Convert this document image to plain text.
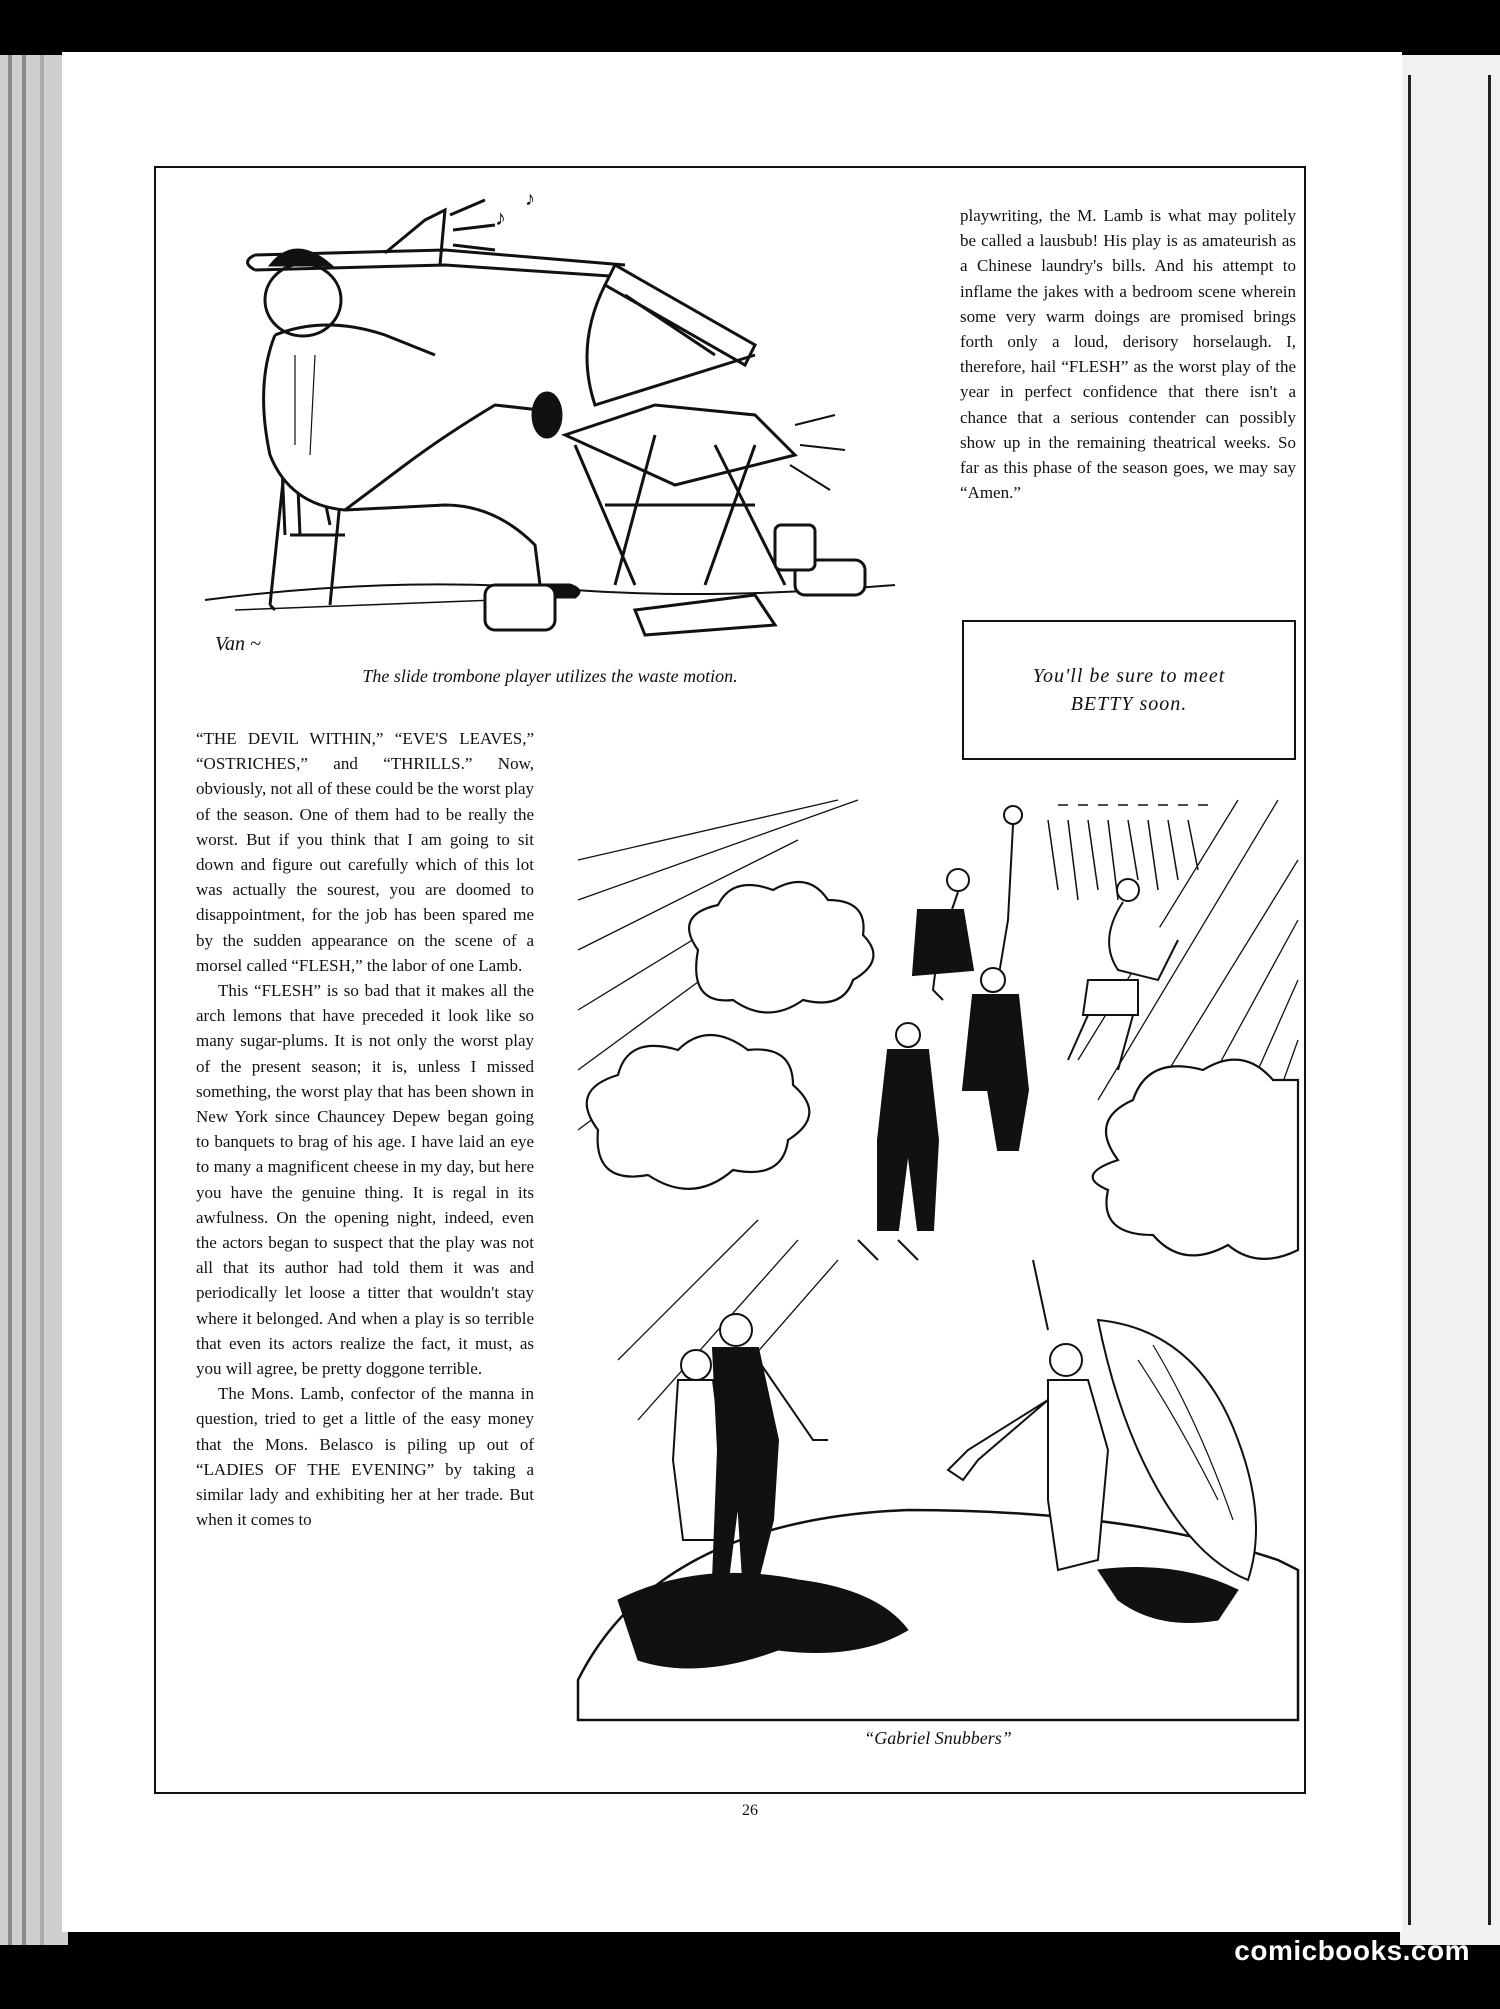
♪
♪
Van ~
The slide trombone player utilizes the waste motion.

playwriting, the M. Lamb is what may politely be called a lausbub! His play is as amateurish as a Chinese laundry's bills. And his attempt to inflame the jakes with a bedroom scene wherein some very warm doings are promised brings forth only a loud, derisory horselaugh. I, therefore, hail “FLESH” as the worst play of the year in perfect confidence that there isn't a chance that a serious contender can possibly show up in the remaining theatrical weeks. So far as this phase of the season goes, we may say “Amen.”

You'll be sure to meet
BETTY soon.

“THE DEVIL WITHIN,” “EVE'S LEAVES,” “OSTRICHES,” and “THRILLS.” Now, obviously, not all of these could be the worst play of the season. One of them had to be really the worst. But if you think that I am going to sit down and figure out carefully which of this lot was actually the sourest, you are doomed to disappointment, for the job has been spared me by the sudden appearance on the scene of a morsel called “FLESH,” the labor of one Lamb.

This “FLESH” is so bad that it makes all the arch lemons that have preceded it look like so many sugar-plums. It is not only the worst play of the present season; it is, unless I missed something, the worst play that has been shown in New York since Chauncey Depew began going to banquets to brag of his age. I have laid an eye to many a magnificent cheese in my day, but here you have the genuine thing. It is regal in its awfulness. On the opening night, indeed, even the actors began to suspect that the play was not all that its author had told them it was and periodically let loose a titter that wouldn't stay where it belonged. And when a play is so terrible that even its actors realize the fact, it must, as you will agree, be pretty doggone terrible.

The Mons. Lamb, confector of the manna in question, tried to get a little of the easy money that the Mons. Belasco is piling up out of “LADIES OF THE EVENING” by taking a similar lady and exhibiting her at her trade. But when it comes to

“Gabriel Snubbers”
26
comicbooks.com
